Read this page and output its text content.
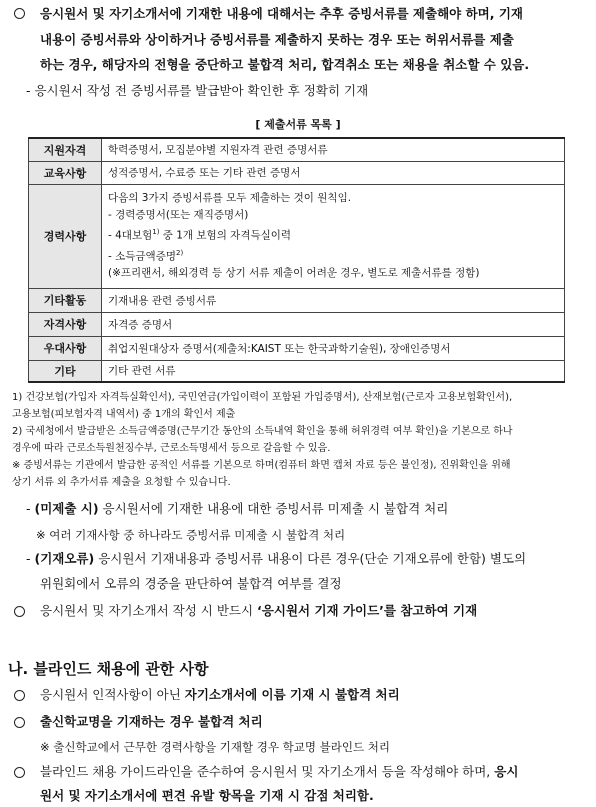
응시원서 및 자기소개서에 기재한 내용에 대해서는 추후 증빙서류를 제출해야 하며, 기재
내용이 증빙서류와 상이하거나 증빙서류를 제출하지 못하는 경우 또는 허위서류를 제출
하는 경우, 해당자의 전형을 중단하고 불합격 처리, 합격취소 또는 채용을 취소할 수 있음.
- 응시원서 작성 전 증빙서류를 발급받아 확인한 후 정확히 기재
[ 제출서류 목록 ]
지원자격	학력증명서, 모집분야별 지원자격 관련 증명서류
교육사항	성적증명서, 수료증 또는 기타 관련 증명서
경력사항	다음의 3가지 증빙서류를 모두 제출하는 것이 원칙임.
- 경력증명서(또는 재직증명서)
- 4대보험$^{1)}$ 중 1개 보험의 자격득실이력
- 소득금액증명$^{2)}$
(※프리랜서, 해외경력 등 상기 서류 제출이 어려운 경우, 별도로 제출서류를 정함)

기타활동	기재내용 관련 증빙서류
자격사항	자격증 증명서
우대사항	취업지원대상자 증명서(제출처:KAIST 또는 한국과학기술원), 장애인증명서
기타	기타 관련 서류
1) 건강보험(가입자 자격득실확인서), 국민연금(가입이력이 포함된 가입증명서), 산재보험(근로자 고용보험확인서),
고용보험(피보험자격 내역서) 중 1개의 확인서 제출
2) 국세청에서 발급받은 소득금액증명(근무기간 동안의 소득내역 확인을 통해 허위경력 여부 확인)을 기본으로 하나
경우에 따라 근로소득원천징수부, 근로소득명세서 등으로 갈음할 수 있음.
※ 증빙서류는 기관에서 발급한 공적인 서류를 기본으로 하며(컴퓨터 화면 캡쳐 자료 등은 불인정), 진위확인을 위해
상기 서류 외 추가서류 제출을 요청할 수 있습니다.
- (미제출 시) 응시원서에 기재한 내용에 대한 증빙서류 미제출 시 불합격 처리
※ 여러 기재사항 중 하나라도 증빙서류 미제출 시 불합격 처리
- (기재오류) 응시원서 기재내용과 증빙서류 내용이 다른 경우(단순 기재오류에 한함) 별도의
위원회에서 오류의 경중을 판단하여 불합격 여부를 결정
응시원서 및 자기소개서 작성 시 반드시 ‘응시원서 기재 가이드’를 참고하여 기재
나. 블라인드 채용에 관한 사항
응시원서 인적사항이 아닌 자기소개서에 이름 기재 시 불합격 처리
출신학교명을 기재하는 경우 불합격 처리
※ 출신학교에서 근무한 경력사항을 기재할 경우 학교명 블라인드 처리
블라인드 채용 가이드라인을 준수하여 응시원서 및 자기소개서 등을 작성해야 하며, 응시
원서 및 자기소개서에 편견 유발 항목을 기재 시 감점 처리함.
